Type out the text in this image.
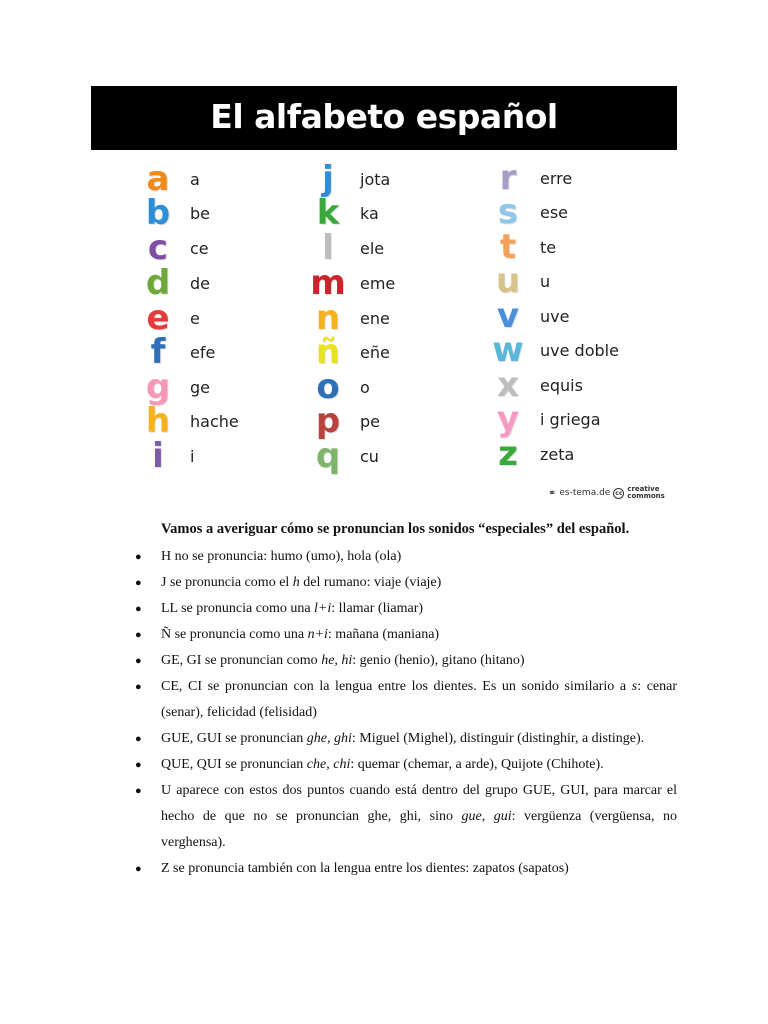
El alfabeto español
a	a
b	be
c	ce
d	de
e	e
f	efe
g	ge
h	hache
i	i
j	jota
k	ka
l	ele
m eme
n	ene
ñ	eñe
o	o
p	pe
q	cu
r	erre
s	ese
t	te
u	u
v	uve
w	uve doble
x	equis
y	i griega
z	zeta
⚭ es-tema.de cc creative
commons
Vamos a averiguar cómo se pronuncian los sonidos “especiales” del español.
● H no se pronuncia: humo (umo), hola (ola)
● J se pronuncia como el h del rumano: viaje (viaje)
● LL se pronuncia como una l+i: llamar (liamar)
● Ñ se pronuncia como una n+i: mañana (maniana)
● GE, GI se pronuncian como he, hi: genio (henio), gitano (hitano)
● CE, CI se pronuncian con la lengua entre los dientes. Es un sonido similario a s: cenar (senar), felicidad (felisidad)
● GUE, GUI se pronuncian ghe, ghi: Miguel (Mighel), distinguir (distinghir, a distinge).
● QUE, QUI se pronuncian che, chi: quemar (chemar, a arde), Quijote (Chihote).
● U aparece con estos dos puntos cuando está dentro del grupo GUE, GUI, para marcar el hecho de que no se pronuncian ghe, ghi, sino gue, gui: vergüenza (vergüensa, no verghensa).
● Z se pronuncia también con la lengua entre los dientes: zapatos (sapatos)
